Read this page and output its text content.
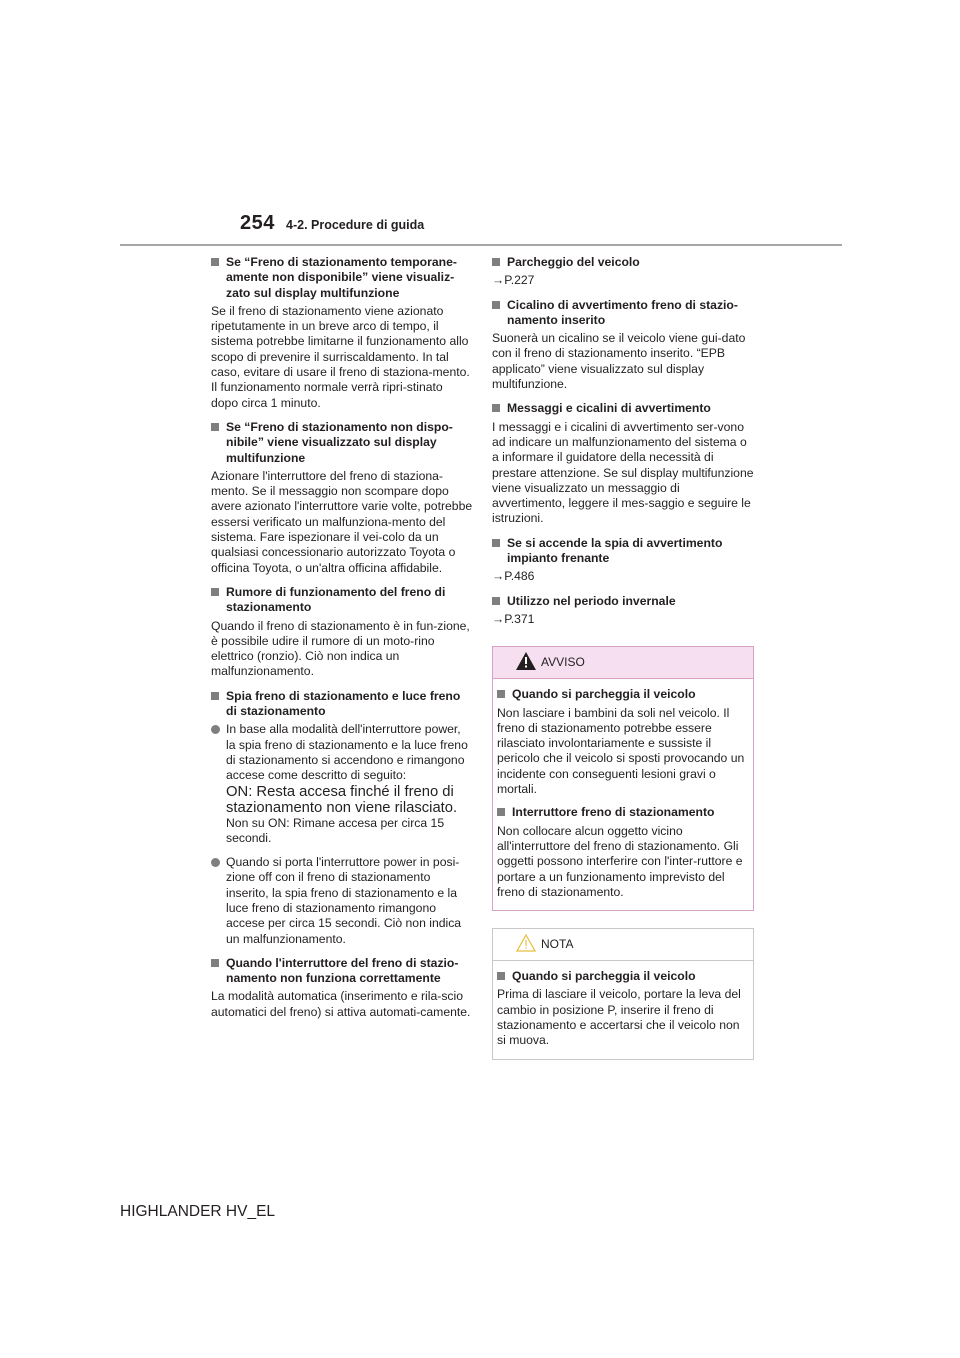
254 4-2. Procedure di guida
Se “Freno di stazionamento temporane-amente non disponibile” viene visualiz-zato sul display multifunzione

Se il freno di stazionamento viene azionato ripetutamente in un breve arco di tempo, il sistema potrebbe limitarne il funzionamento allo scopo di prevenire il surriscaldamento. In tal caso, evitare di usare il freno di staziona-mento. Il funzionamento normale verrà ripri-stinato dopo circa 1 minuto.

Se “Freno di stazionamento non dispo-nibile” viene visualizzato sul display multifunzione

Azionare l'interruttore del freno di staziona-mento. Se il messaggio non scompare dopo avere azionato l'interruttore varie volte, potrebbe essersi verificato un malfunziona-mento del sistema. Fare ispezionare il vei-colo da un qualsiasi concessionario autorizzato Toyota o officina Toyota, o un'altra officina affidabile.

Rumore di funzionamento del freno di stazionamento

Quando il freno di stazionamento è in fun-zione, è possibile udire il rumore di un moto-rino elettrico (ronzio). Ciò non indica un malfunzionamento.

Spia freno di stazionamento e luce freno di stazionamento
In base alla modalità dell'interruttore power, la spia freno di stazionamento e la luce freno di stazionamento si accendono e rimangono accese come descritto di seguito:
ON: Resta accesa finché il freno di stazionamento non viene rilasciato.
Non su ON: Rimane accesa per circa 15 secondi.
Quando si porta l'interruttore power in posi-zione off con il freno di stazionamento inserito, la spia freno di stazionamento e la luce freno di stazionamento rimangono accese per circa 15 secondi. Ciò non indica un malfunzionamento.
Quando l'interruttore del freno di stazio-namento non funziona correttamente

La modalità automatica (inserimento e rila-scio automatici del freno) si attiva automati-camente.

Parcheggio del veicolo

→P.227

Cicalino di avvertimento freno di stazio-namento inserito

Suonerà un cicalino se il veicolo viene gui-dato con il freno di stazionamento inserito. “EPB applicato” viene visualizzato sul display multifunzione.

Messaggi e cicalini di avvertimento

I messaggi e i cicalini di avvertimento ser-vono ad indicare un malfunzionamento del sistema o a informare il guidatore della necessità di prestare attenzione. Se sul display multifunzione viene visualizzato un messaggio di avvertimento, leggere il mes-saggio e seguire le istruzioni.

Se si accende la spia di avvertimento impianto frenante

→P.486

Utilizzo nel periodo invernale

→P.371

AVVISO
Quando si parcheggia il veicolo

Non lasciare i bambini da soli nel veicolo. Il freno di stazionamento potrebbe essere rilasciato involontariamente e sussiste il pericolo che il veicolo si sposti provocando un incidente con conseguenti lesioni gravi o mortali.

Interruttore freno di stazionamento

Non collocare alcun oggetto vicino all'interruttore del freno di stazionamento. Gli oggetti possono interferire con l'inter-ruttore e portare a un funzionamento imprevisto del freno di stazionamento.

NOTA
Quando si parcheggia il veicolo

Prima di lasciare il veicolo, portare la leva del cambio in posizione P, inserire il freno di stazionamento e accertarsi che il veicolo non si muova.

HIGHLANDER HV_EL
